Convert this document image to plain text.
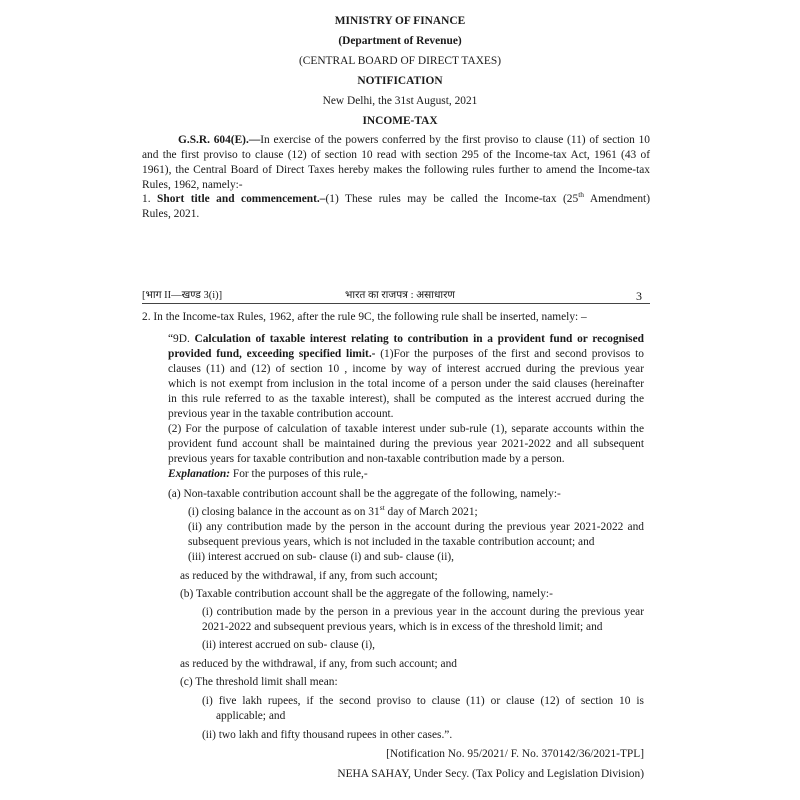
MINISTRY OF FINANCE
(Department of Revenue)
(CENTRAL BOARD OF DIRECT TAXES)
NOTIFICATION
New Delhi, the 31st August, 2021
INCOME-TAX
G.S.R. 604(E).—In exercise of the powers conferred by the first proviso to clause (11) of section 10
and the first proviso to clause (12) of section 10 read with section 295 of the Income-tax Act, 1961 (43 of
1961), the Central Board of Direct Taxes hereby makes the following rules further to amend the Income-tax
Rules, 1962, namely:-
1. Short title and commencement.–(1) These rules may be called the Income-tax (25th Amendment)
Rules, 2021.
[भाग II—खण्ड 3(i)]	भारत का राजपत्र : असाधारण	3
2. In the Income-tax Rules, 1962, after the rule 9C, the following rule shall be inserted, namely: –
“9D. Calculation of taxable interest relating to contribution in a provident fund or recognised
provided fund, exceeding specified limit.- (1)For the purposes of the first and second provisos to
clauses (11) and (12) of section 10 , income by way of interest accrued during the previous year
which is not exempt from inclusion in the total income of a person under the said clauses (hereinafter
in this rule referred to as the taxable interest), shall be computed as the interest accrued during the
previous year in the taxable contribution account.
(2) For the purpose of calculation of taxable interest under sub-rule (1), separate accounts within the
provident fund account shall be maintained during the previous year 2021-2022 and all subsequent
previous years for taxable contribution and non-taxable contribution made by a person.
Explanation: For the purposes of this rule,-
(a) Non-taxable contribution account shall be the aggregate of the following, namely:-
(i) closing balance in the account as on 31st day of March 2021;
(ii) any contribution made by the person in the account during the previous year 2021-2022 and
subsequent previous years, which is not included in the taxable contribution account; and
(iii) interest accrued on sub- clause (i) and sub- clause (ii),
as reduced by the withdrawal, if any, from such account;
(b) Taxable contribution account shall be the aggregate of the following, namely:-
(i) contribution made by the person in a previous year in the account during the previous year
2021-2022 and subsequent previous years, which is in excess of the threshold limit; and
(ii) interest accrued on sub- clause (i),
as reduced by the withdrawal, if any, from such account; and
(c) The threshold limit shall mean:
(i) five lakh rupees, if the second proviso to clause (11) or clause (12) of section 10 is
applicable; and
(ii) two lakh and fifty thousand rupees in other cases.”.
[Notification No. 95/2021/ F. No. 370142/36/2021-TPL]
NEHA SAHAY, Under Secy. (Tax Policy and Legislation Division)
